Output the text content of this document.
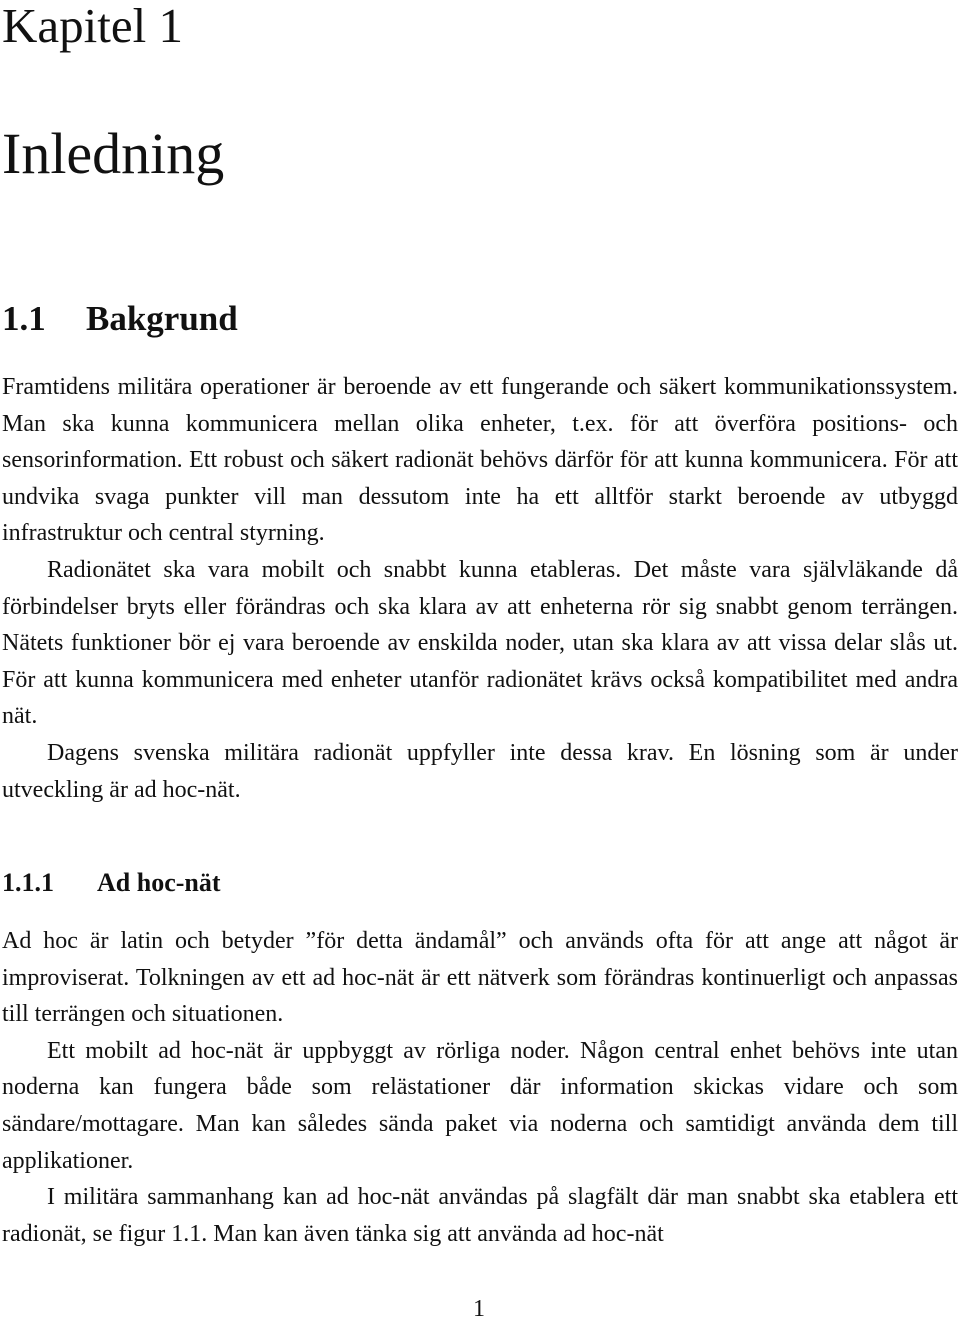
Kapitel 1
Inledning
1.1 Bakgrund

Framtidens militära operationer är beroende av ett fungerande och säkert kommunikationssystem. Man ska kunna kommunicera mellan olika enheter, t.ex. för att överföra positions- och sensorinformation. Ett robust och säkert radionät behövs därför för att kunna kommunicera. För att undvika svaga punkter vill man dessutom inte ha ett alltför starkt beroende av utbyggd infrastruktur och central styrning.

Radionätet ska vara mobilt och snabbt kunna etableras. Det måste vara självläkande då förbindelser bryts eller förändras och ska klara av att enheterna rör sig snabbt genom terrängen. Nätets funktioner bör ej vara beroende av enskilda noder, utan ska klara av att vissa delar slås ut. För att kunna kommunicera med enheter utanför radionätet krävs också kompatibilitet med andra nät.

Dagens svenska militära radionät uppfyller inte dessa krav. En lösning som är under utveckling är ad hoc-nät.

1.1.1 Ad hoc-nät

Ad hoc är latin och betyder ”för detta ändamål” och används ofta för att ange att något är improviserat. Tolkningen av ett ad hoc-nät är ett nätverk som förändras kontinuerligt och anpassas till terrängen och situationen.

Ett mobilt ad hoc-nät är uppbyggt av rörliga noder. Någon central enhet behövs inte utan noderna kan fungera både som relästationer där information skickas vidare och som sändare/mottagare. Man kan således sända paket via noderna och samtidigt använda dem till applikationer.

I militära sammanhang kan ad hoc-nät användas på slagfält där man snabbt ska etablera ett radionät, se figur 1.1. Man kan även tänka sig att använda ad hoc-nät

1
